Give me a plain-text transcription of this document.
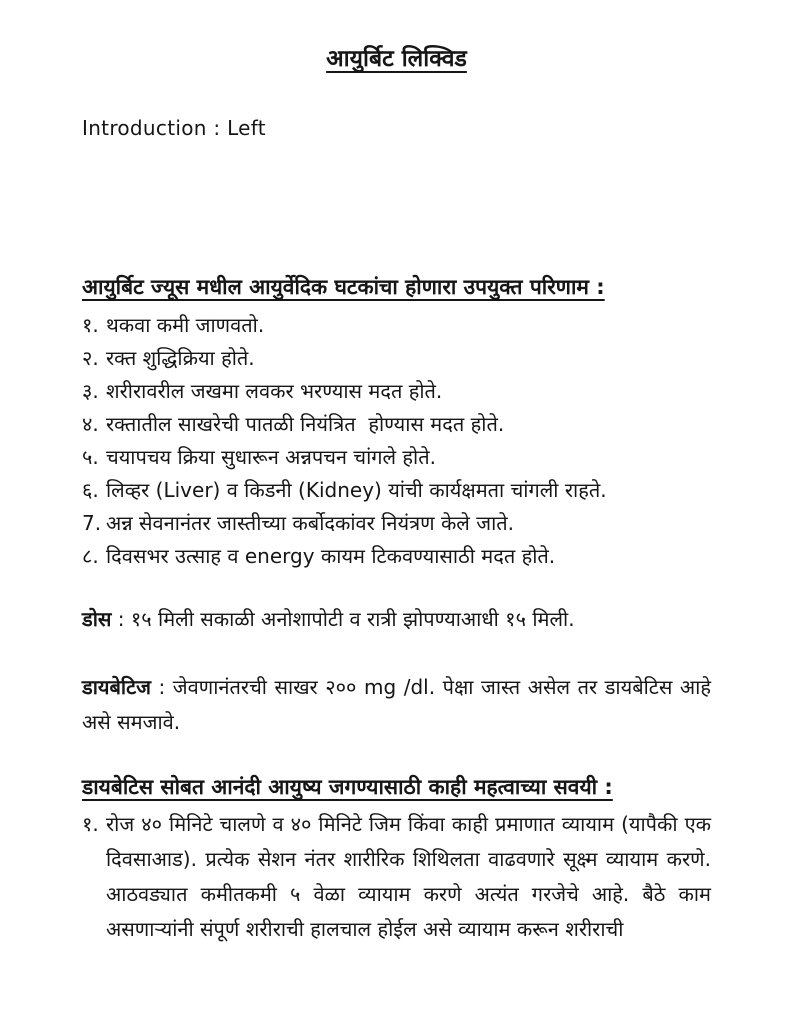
आयुर्बिट लिक्विड
Introduction : Left
आयुर्बिट ज्यूस मधील आयुर्वेदिक घटकांचा होणारा उपयुक्त परिणाम :
१. थकवा कमी जाणवतो.
२. रक्त शुद्धिक्रिया होते.
३. शरीरावरील जखमा लवकर भरण्यास मदत होते.
४. रक्तातील साखरेची पातळी नियंत्रित  होण्यास मदत होते.
५. चयापचय क्रिया सुधारून अन्नपचन चांगले होते.
६. लिव्हर (Liver) व किडनी (Kidney) यांची कार्यक्षमता चांगली राहते.
7. अन्न सेवनानंतर जास्तीच्या कर्बोदकांवर नियंत्रण केले जाते.
८. दिवसभर उत्साह व energy कायम टिकवण्यासाठी मदत होते.
डोस : १५ मिली सकाळी अनोशापोटी व रात्री झोपण्याआधी १५ मिली.

डायबेटिज : जेवणानंतरची साखर २०० mg /dl. पेक्षा जास्त असेल तर डायबेटिस आहे असे समजावे.

डायबेटिस सोबत आनंदी आयुष्य जगण्यासाठी काही महत्वाच्या सवयी :
१. रोज ४० मिनिटे चालणे व ४० मिनिटे जिम किंवा काही प्रमाणात व्यायाम (यापैकी एक दिवसाआड). प्रत्येक सेशन नंतर शारीरिक शिथिलता वाढवणारे सूक्ष्म व्यायाम करणे. आठवड्यात कमीतकमी ५ वेळा व्यायाम करणे अत्यंत गरजेचे आहे. बैठे काम असणाऱ्यांनी संपूर्ण शरीराची हालचाल होईल असे व्यायाम करून शरीराची
